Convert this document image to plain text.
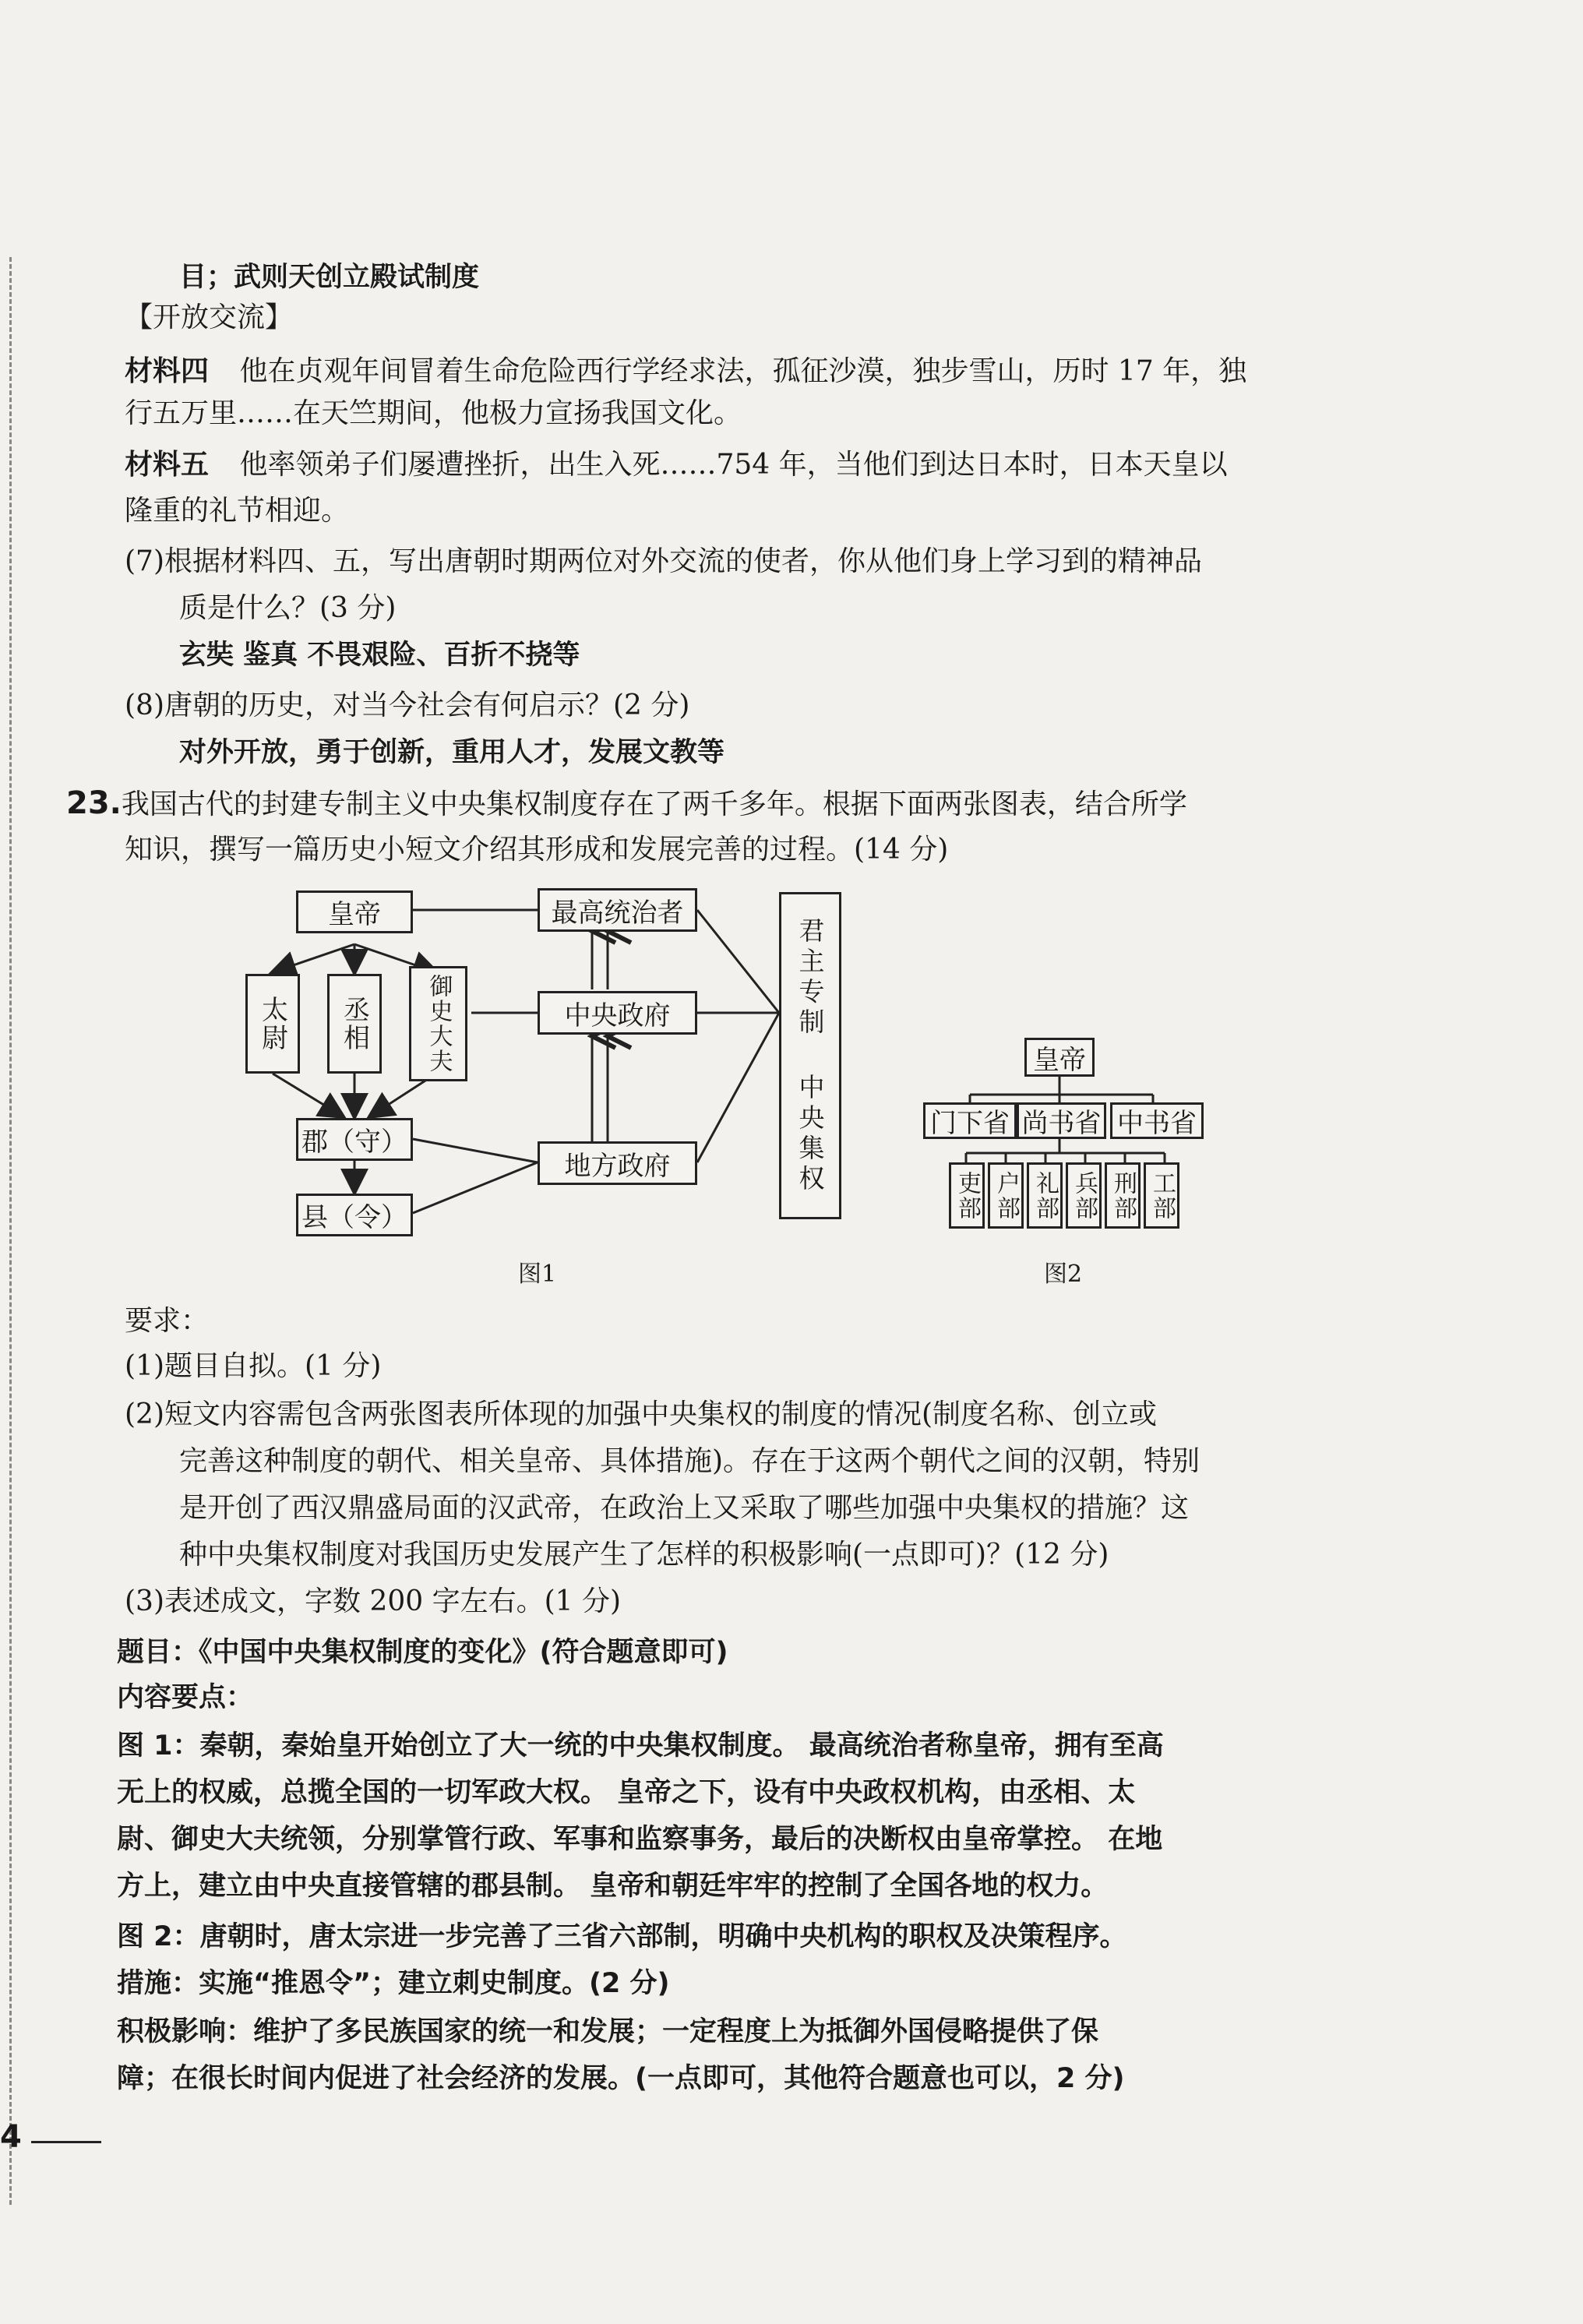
目；武则天创立殿试制度
【开放交流】
材料四 他在贞观年间冒着生命危险西行学经求法，孤征沙漠，独步雪山，历时 17 年，独
行五万里……在天竺期间，他极力宣扬我国文化。
材料五 他率领弟子们屡遭挫折，出生入死……754 年，当他们到达日本时，日本天皇以
隆重的礼节相迎。
(7)根据材料四、五，写出唐朝时期两位对外交流的使者，你从他们身上学习到的精神品
质是什么？(3 分)
玄奘 鉴真 不畏艰险、百折不挠等
(8)唐朝的历史，对当今社会有何启示？(2 分)
对外开放，勇于创新，重用人才，发展文教等
23.我国古代的封建专制主义中央集权制度存在了两千多年。根据下面两张图表，结合所学
知识，撰写一篇历史小短文介绍其形成和发展完善的过程。(14 分)
皇帝
太尉	丞相	御史大夫
郡（守）
县（令）
最高统治者
中央政府
地方政府	君主专制 中央集权
图1
皇帝
门下省 尚书省 中书省
吏部 户部 礼部 兵部 刑部 工部
图2
要求：
(1)题目自拟。(1 分)
(2)短文内容需包含两张图表所体现的加强中央集权的制度的情况(制度名称、创立或
完善这种制度的朝代、相关皇帝、具体措施)。存在于这两个朝代之间的汉朝，特别
是开创了西汉鼎盛局面的汉武帝，在政治上又采取了哪些加强中央集权的措施？这
种中央集权制度对我国历史发展产生了怎样的积极影响(一点即可)？(12 分)
(3)表述成文，字数 200 字左右。(1 分)
题目：《中国中央集权制度的变化》(符合题意即可)
内容要点：
图 1：秦朝，秦始皇开始创立了大一统的中央集权制度。 最高统治者称皇帝，拥有至高
无上的权威，总揽全国的一切军政大权。 皇帝之下，设有中央政权机构，由丞相、太
尉、御史大夫统领，分别掌管行政、军事和监察事务，最后的决断权由皇帝掌控。 在地
方上，建立由中央直接管辖的郡县制。 皇帝和朝廷牢牢的控制了全国各地的权力。
图 2：唐朝时，唐太宗进一步完善了三省六部制，明确中央机构的职权及决策程序。
措施：实施“推恩令”；建立刺史制度。(2 分)
积极影响：维护了多民族国家的统一和发展；一定程度上为抵御外国侵略提供了保
障；在很长时间内促进了社会经济的发展。(一点即可，其他符合题意也可以，2 分)
4
